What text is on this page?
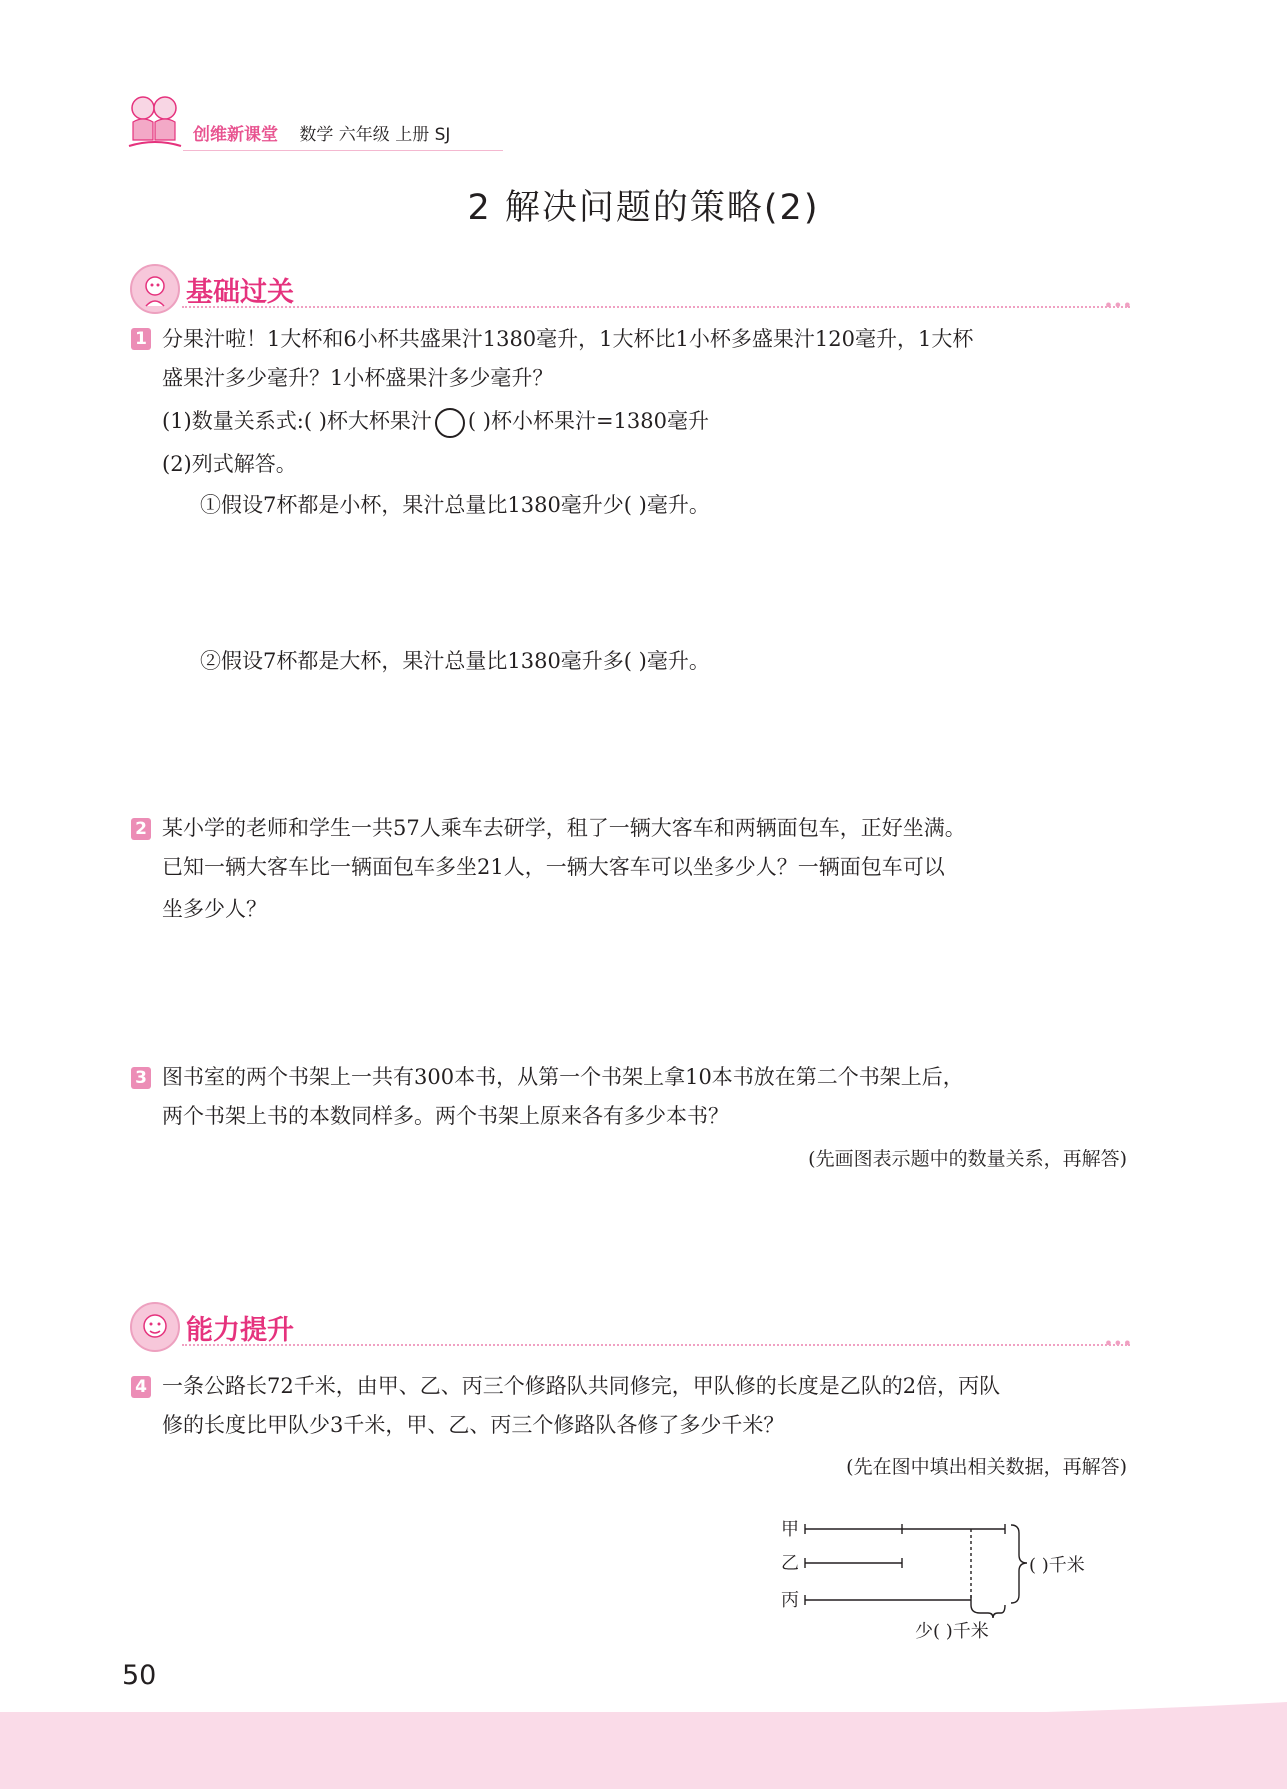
创维新课堂 数学 六年级 上册 SJ
2 解决问题的策略(2)
基础过关	•••
1 分果汁啦！1大杯和6小杯共盛果汁1380毫升，1大杯比1小杯多盛果汁120毫升，1大杯
盛果汁多少毫升？1小杯盛果汁多少毫升？
(1)数量关系式:( )杯大杯果汁 ( )杯小杯果汁=1380毫升
(2)列式解答。
①假设7杯都是小杯，果汁总量比1380毫升少( )毫升。
②假设7杯都是大杯，果汁总量比1380毫升多( )毫升。
2 某小学的老师和学生一共57人乘车去研学，租了一辆大客车和两辆面包车，正好坐满。
已知一辆大客车比一辆面包车多坐21人，一辆大客车可以坐多少人？一辆面包车可以
坐多少人？
3 图书室的两个书架上一共有300本书，从第一个书架上拿10本书放在第二个书架上后，
两个书架上书的本数同样多。两个书架上原来各有多少本书？
(先画图表示题中的数量关系，再解答)
能力提升	•••
4 一条公路长72千米，由甲、乙、丙三个修路队共同修完，甲队修的长度是乙队的2倍，丙队
修的长度比甲队少3千米，甲、乙、丙三个修路队各修了多少千米？
(先在图中填出相关数据，再解答)
甲
乙
丙
( )千米
少( )千米
50
